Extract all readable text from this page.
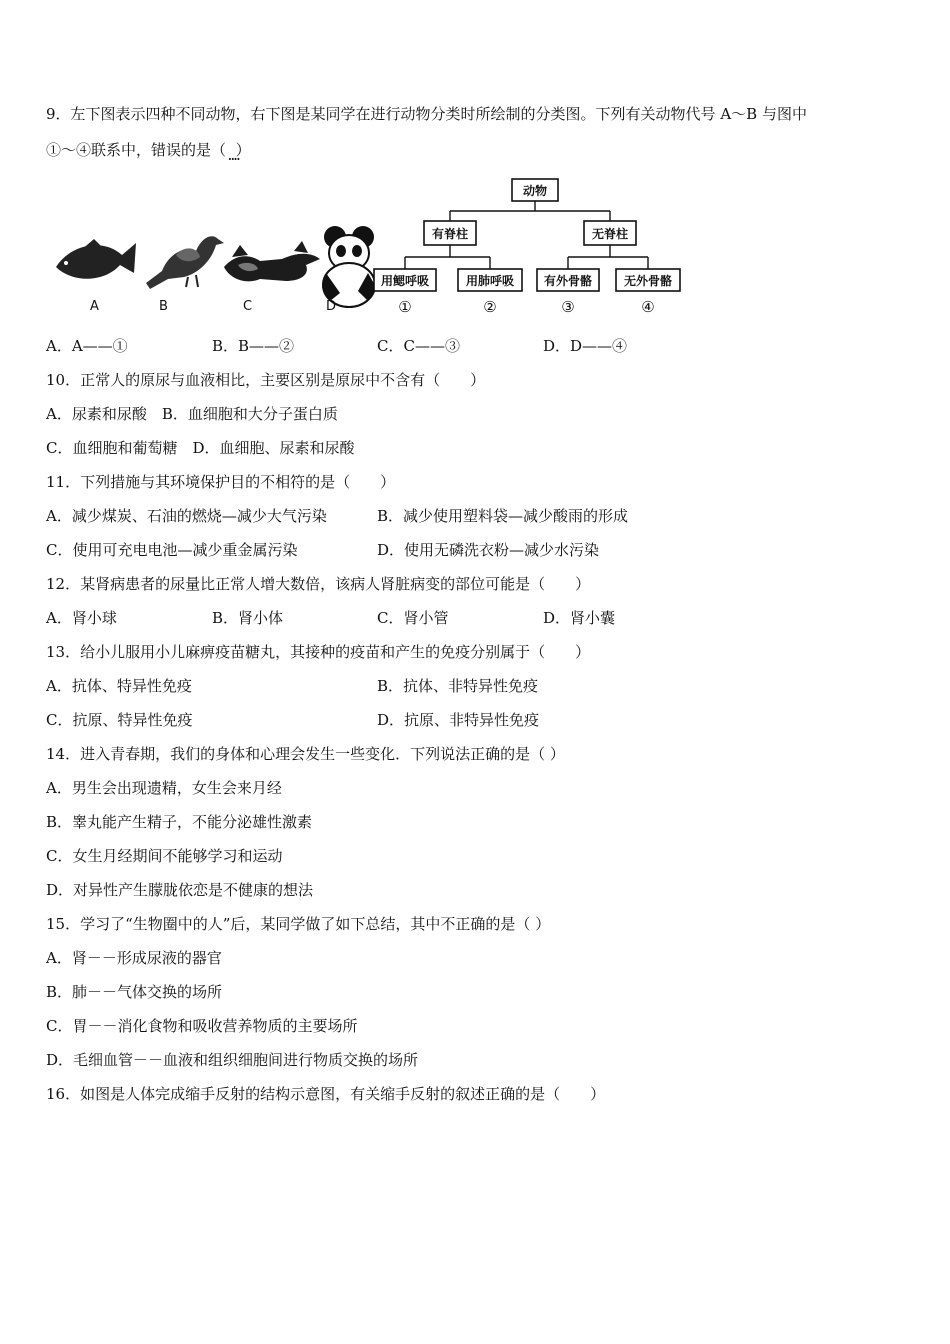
9．左下图表示四种不同动物，右下图是某同学在进行动物分类时所绘制的分类图。下列有关动物代号 A～B 与图中
①～④联系中，错误的是（   .... ）
A	B	C	D
动物
有脊柱	无脊柱
用鳃呼吸	用肺呼吸 有外骨骼	无外骨骼
①	②	③	④
A．A——①	B．B——②	C．C——③	D．D——④
10．正常人的原尿与血液相比，主要区别是原尿中不含有（　　）
A．尿素和尿酸　B．血细胞和大分子蛋白质
C．血细胞和葡萄糖　D．血细胞、尿素和尿酸
11．下列措施与其环境保护目的不相符的是（　　）
A．减少煤炭、石油的燃烧—减少大气污染	B．减少使用塑料袋—减少酸雨的形成
C．使用可充电电池—减少重金属污染	D．使用无磷洗衣粉—减少水污染
12．某肾病患者的尿量比正常人增大数倍，该病人肾脏病变的部位可能是（　　）
A．肾小球	B．肾小体	C．肾小管	D．肾小囊
13．给小儿服用小儿麻痹疫苗糖丸，其接种的疫苗和产生的免疫分别属于（　　）
A．抗体、特异性免疫	B．抗体、非特异性免疫
C．抗原、特异性免疫	D．抗原、非特异性免疫
14．进入青春期，我们的身体和心理会发生一些变化．下列说法正确的是（ ）
A．男生会出现遗精，女生会来月经
B．睾丸能产生精子，不能分泌雄性激素
C．女生月经期间不能够学习和运动
D．对异性产生朦胧依恋是不健康的想法
15．学习了“生物圈中的人”后，某同学做了如下总结，其中不正确的是（ ）
A．肾－－形成尿液的器官
B．肺－－气体交换的场所
C．胃－－消化食物和吸收营养物质的主要场所
D．毛细血管－－血液和组织细胞间进行物质交换的场所
16．如图是人体完成缩手反射的结构示意图，有关缩手反射的叙述正确的是（　　）
